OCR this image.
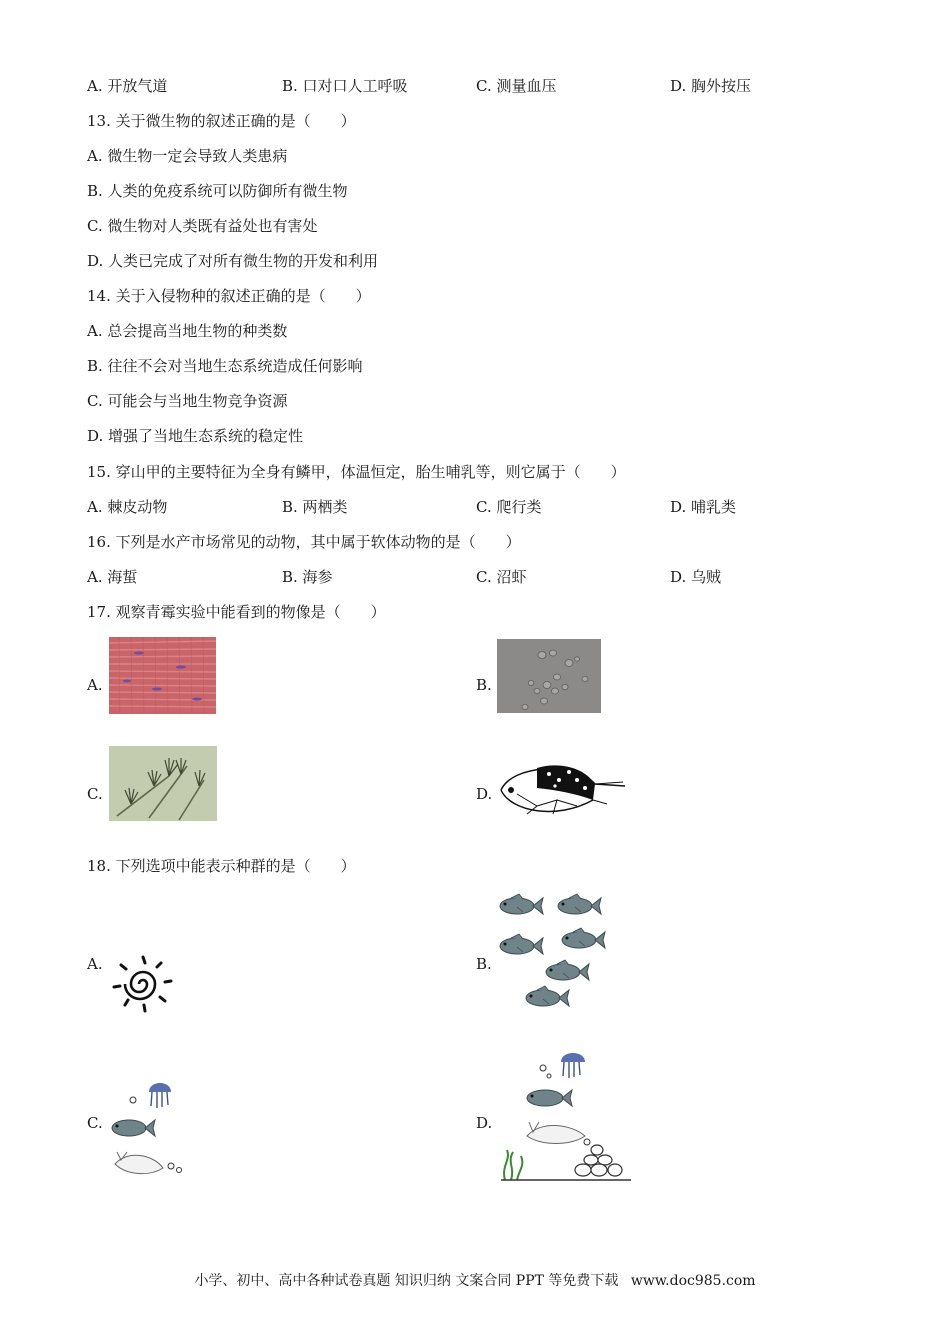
A. 开放气道	B. 口对口人工呼吸	C. 测量血压	D. 胸外按压
13. 关于微生物的叙述正确的是（　　）
A. 微生物一定会导致人类患病
B. 人类的免疫系统可以防御所有微生物
C. 微生物对人类既有益处也有害处
D. 人类已完成了对所有微生物的开发和利用
14. 关于入侵物种的叙述正确的是（　　）
A. 总会提高当地生物的种类数
B. 往往不会对当地生态系统造成任何影响
C. 可能会与当地生物竞争资源
D. 增强了当地生态系统的稳定性
15. 穿山甲的主要特征为全身有鳞甲，体温恒定，胎生哺乳等，则它属于（　　）
A. 棘皮动物	B. 两栖类	C. 爬行类	D. 哺乳类
16. 下列是水产市场常见的动物，其中属于软体动物的是（　　）
A. 海蜇	B. 海参	C. 沼虾	D. 乌贼
17. 观察青霉实验中能看到的物像是（　　）
A.	B.
C.	D.
18. 下列选项中能表示种群的是（　　）
A.	B.
C.	D.
小学、初中、高中各种试卷真题 知识归纳 文案合同 PPT 等免费下载 www.doc985.com
